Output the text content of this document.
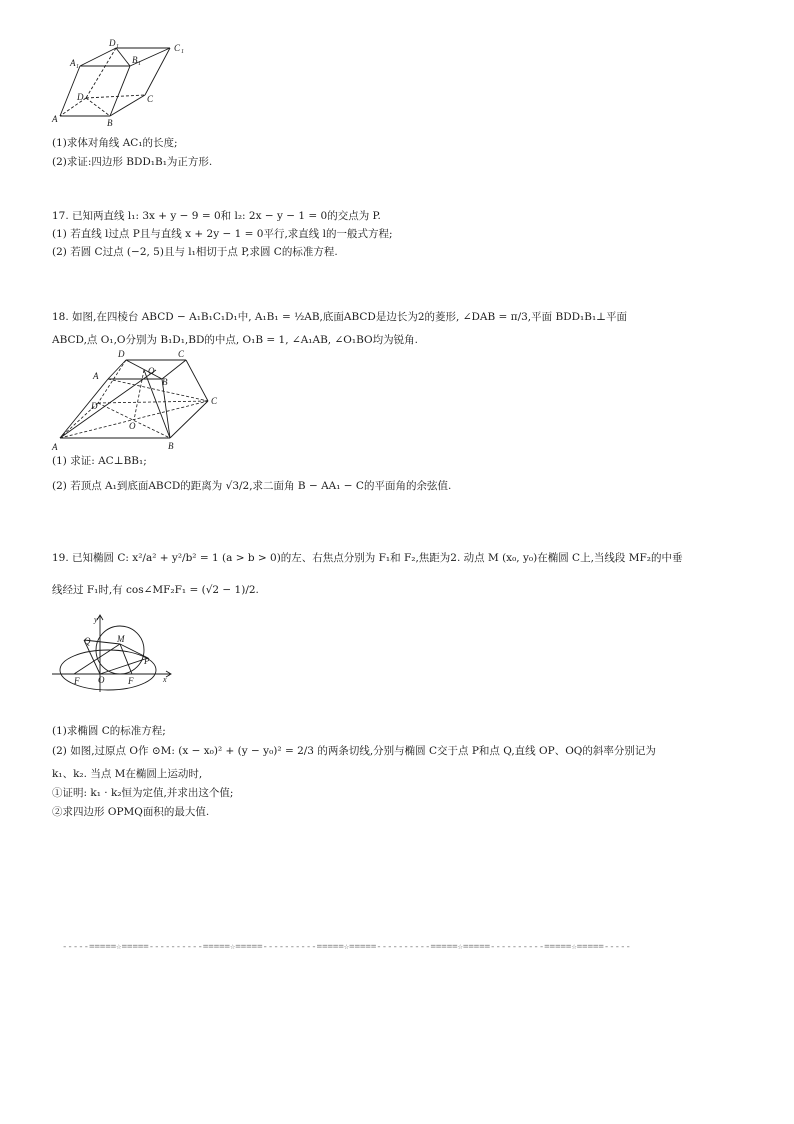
D 1	C 1
A 1
B 1
D	C
A	B
(1)求体对角线 AC₁的长度;
(2)求证:四边形 BDD₁B₁为正方形.
17. 已知两直线 l₁: 3x + y − 9 = 0和 l₂: 2x − y − 1 = 0的交点为 P.
(1) 若直线 l过点 P且与直线 x + 2y − 1 = 0平行,求直线 l的一般式方程;
(2) 若圆 C过点 (−2, 5)且与 l₁相切于点 P,求圆 C的标准方程.
18. 如图,在四棱台 ABCD − A₁B₁C₁D₁中, A₁B₁ = ½AB,底面ABCD是边长为2的菱形, ∠DAB = π/3,平面 BDD₁B₁⊥平面
ABCD,点 O₁,O分别为 B₁D₁,BD的中点, O₁B = 1, ∠A₁AB, ∠O₁BO均为锐角.
D	C
A	O
B
D	C
O
A	B
(1) 求证: AC⊥BB₁;
(2) 若顶点 A₁到底面ABCD的距离为 √3/2,求二面角 B − AA₁ − C的平面角的余弦值.
19. 已知椭圆 C: x²/a² + y²/b² = 1 (a > b > 0)的左、右焦点分别为 F₁和 F₂,焦距为2. 动点 M (x₀, y₀)在椭圆 C上,当线段 MF₂的中垂
线经过 F₁时,有 cos∠MF₂F₁ = (√2 − 1)/2.
y
x
Q	M
P
F O	F
(1)求椭圆 C的标准方程;
(2) 如图,过原点 O作 ⊙M: (x − x₀)² + (y − y₀)² = 2/3 的两条切线,分别与椭圆 C交于点 P和点 Q,直线 OP、OQ的斜率分别记为
k₁、k₂. 当点 M在椭圆上运动时,
①证明: k₁ · k₂恒为定值,并求出这个值;
②求四边形 OPMQ面积的最大值.
-----=====☆=====----------=====☆=====----------=====☆=====----------=====☆=====----------=====☆=====-----
